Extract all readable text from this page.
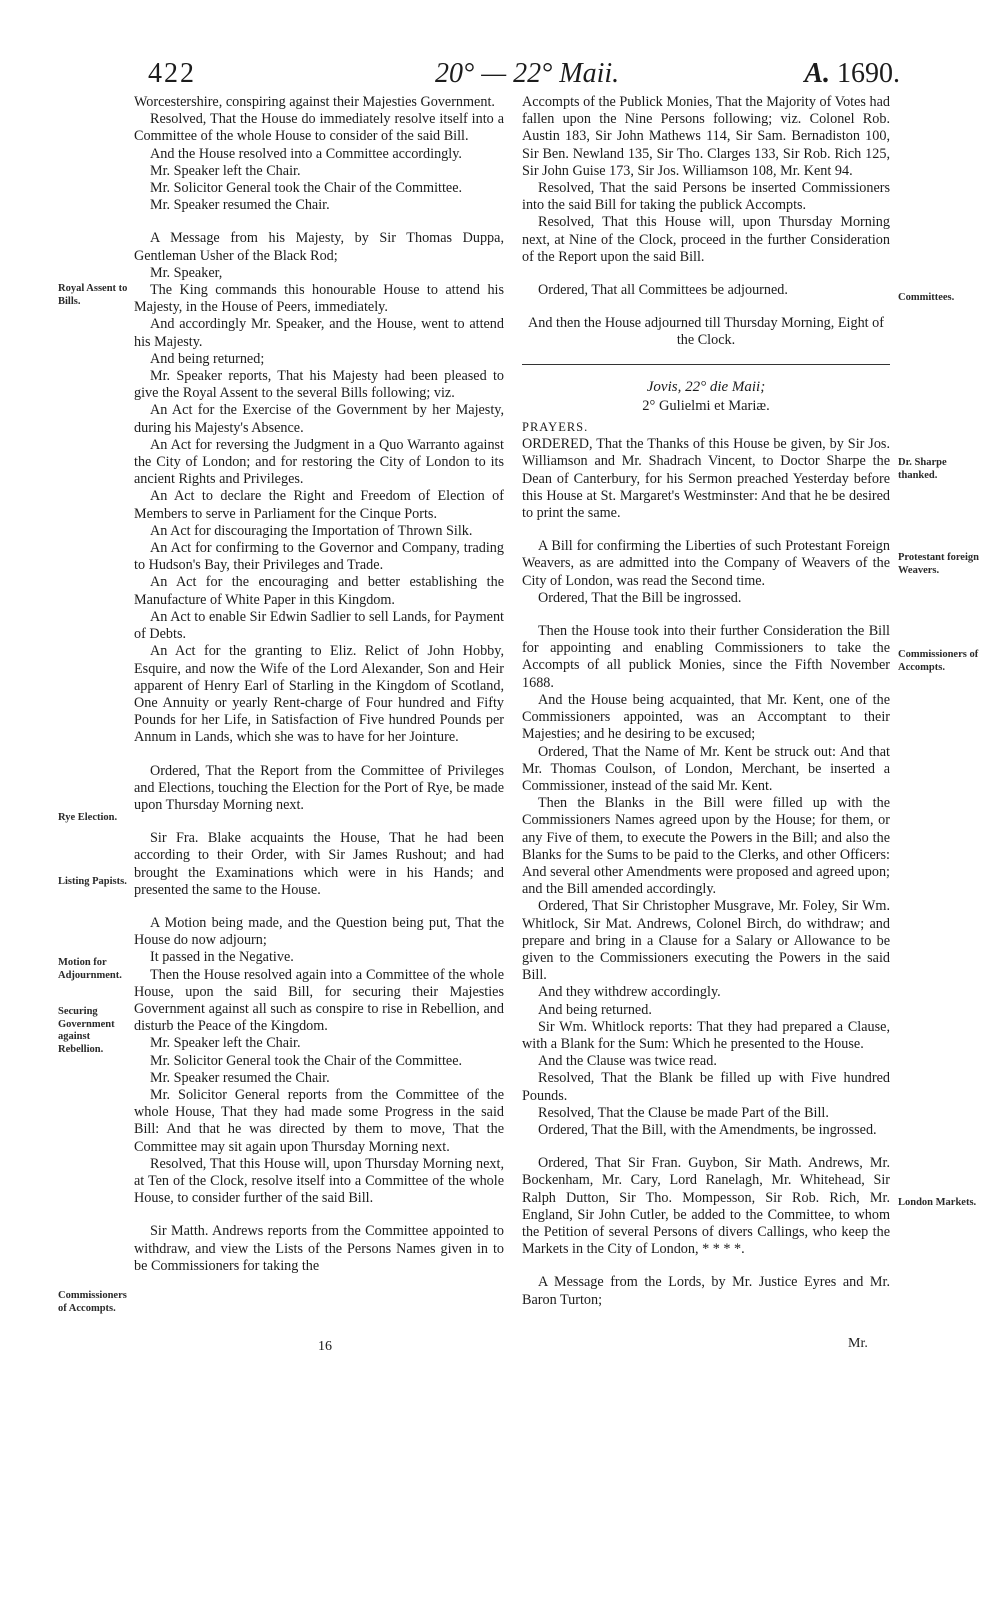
422	20° — 22° Maii.	A. 1690.

Worcestershire, conspiring against their Majesties Government.

Resolved, That the House do immediately resolve itself into a Committee of the whole House to consider of the said Bill.

And the House resolved into a Committee accordingly.

Mr. Speaker left the Chair.

Mr. Solicitor General took the Chair of the Committee.

Mr. Speaker resumed the Chair.

A Message from his Majesty, by Sir Thomas Duppa, Gentleman Usher of the Black Rod;

Mr. Speaker,

The King commands this honourable House to attend his Majesty, in the House of Peers, immediately.

And accordingly Mr. Speaker, and the House, went to attend his Majesty.

And being returned;

Mr. Speaker reports, That his Majesty had been pleased to give the Royal Assent to the several Bills following; viz.

An Act for the Exercise of the Government by her Majesty, during his Majesty's Absence.

An Act for reversing the Judgment in a Quo Warranto against the City of London; and for restoring the City of London to its ancient Rights and Privileges.

An Act to declare the Right and Freedom of Election of Members to serve in Parliament for the Cinque Ports.

An Act for discouraging the Importation of Thrown Silk.

An Act for confirming to the Governor and Company, trading to Hudson's Bay, their Privileges and Trade.

An Act for the encouraging and better establishing the Manufacture of White Paper in this Kingdom.

An Act to enable Sir Edwin Sadlier to sell Lands, for Payment of Debts.

An Act for the granting to Eliz. Relict of John Hobby, Esquire, and now the Wife of the Lord Alexander, Son and Heir apparent of Henry Earl of Starling in the Kingdom of Scotland, One Annuity or yearly Rent-charge of Four hundred and Fifty Pounds for her Life, in Satisfaction of Five hundred Pounds per Annum in Lands, which she was to have for her Jointure.

Ordered, That the Report from the Committee of Privileges and Elections, touching the Election for the Port of Rye, be made upon Thursday Morning next.

Sir Fra. Blake acquaints the House, That he had been according to their Order, with Sir James Rushout; and had brought the Examinations which were in his Hands; and presented the same to the House.

A Motion being made, and the Question being put, That the House do now adjourn;

It passed in the Negative.

Then the House resolved again into a Committee of the whole House, upon the said Bill, for securing their Majesties Government against all such as conspire to rise in Rebellion, and disturb the Peace of the Kingdom.

Mr. Speaker left the Chair.

Mr. Solicitor General took the Chair of the Committee.

Mr. Speaker resumed the Chair.

Mr. Solicitor General reports from the Committee of the whole House, That they had made some Progress in the said Bill: And that he was directed by them to move, That the Committee may sit again upon Thursday Morning next.

Resolved, That this House will, upon Thursday Morning next, at Ten of the Clock, resolve itself into a Committee of the whole House, to consider further of the said Bill.

Sir Matth. Andrews reports from the Committee appointed to withdraw, and view the Lists of the Persons Names given in to be Commissioners for taking the

Accompts of the Publick Monies, That the Majority of Votes had fallen upon the Nine Persons following; viz. Colonel Rob. Austin 183, Sir John Mathews 114, Sir Sam. Bernadiston 100, Sir Ben. Newland 135, Sir Tho. Clarges 133, Sir Rob. Rich 125, Sir John Guise 173, Sir Jos. Williamson 108, Mr. Kent 94.

Resolved, That the said Persons be inserted Commissioners into the said Bill for taking the publick Accompts.

Resolved, That this House will, upon Thursday Morning next, at Nine of the Clock, proceed in the further Consideration of the Report upon the said Bill.

Ordered, That all Committees be adjourned.

And then the House adjourned till Thursday Morning, Eight of the Clock.

Jovis, 22° die Maii;
2° Gulielmi et Mariæ.
PRAYERS.

ORDERED, That the Thanks of this House be given, by Sir Jos. Williamson and Mr. Shadrach Vincent, to Doctor Sharpe the Dean of Canterbury, for his Sermon preached Yesterday before this House at St. Margaret's Westminster: And that he be desired to print the same.

A Bill for confirming the Liberties of such Protestant Foreign Weavers, as are admitted into the Company of Weavers of the City of London, was read the Second time.

Ordered, That the Bill be ingrossed.

Then the House took into their further Consideration the Bill for appointing and enabling Commissioners to take the Accompts of all publick Monies, since the Fifth November 1688.

And the House being acquainted, that Mr. Kent, one of the Commissioners appointed, was an Accomptant to their Majesties; and he desiring to be excused;

Ordered, That the Name of Mr. Kent be struck out: And that Mr. Thomas Coulson, of London, Merchant, be inserted a Commissioner, instead of the said Mr. Kent.

Then the Blanks in the Bill were filled up with the Commissioners Names agreed upon by the House; for them, or any Five of them, to execute the Powers in the Bill; and also the Blanks for the Sums to be paid to the Clerks, and other Officers: And several other Amendments were proposed and agreed upon; and the Bill amended accordingly.

Ordered, That Sir Christopher Musgrave, Mr. Foley, Sir Wm. Whitlock, Sir Mat. Andrews, Colonel Birch, do withdraw; and prepare and bring in a Clause for a Salary or Allowance to be given to the Commissioners executing the Powers in the said Bill.

And they withdrew accordingly.

And being returned.

Sir Wm. Whitlock reports: That they had prepared a Clause, with a Blank for the Sum: Which he presented to the House.

And the Clause was twice read.

Resolved, That the Blank be filled up with Five hundred Pounds.

Resolved, That the Clause be made Part of the Bill.

Ordered, That the Bill, with the Amendments, be ingrossed.

Ordered, That Sir Fran. Guybon, Sir Math. Andrews, Mr. Bockenham, Mr. Cary, Lord Ranelagh, Mr. Whitehead, Sir Ralph Dutton, Sir Tho. Mompesson, Sir Rob. Rich, Mr. England, Sir John Cutler, be added to the Committee, to whom the Petition of several Persons of divers Callings, who keep the Markets in the City of London, * * * *.

A Message from the Lords, by Mr. Justice Eyres and Mr. Baron Turton;

Royal Assent to Bills.
Rye Election.
Listing Papists.
Motion for Adjournment.
Securing Government against Rebellion.
Commissioners of Accompts.
Committees.
Dr. Sharpe thanked.
Protestant foreign Weavers.
Commissioners of Accompts.
London Markets.
16	Mr.
